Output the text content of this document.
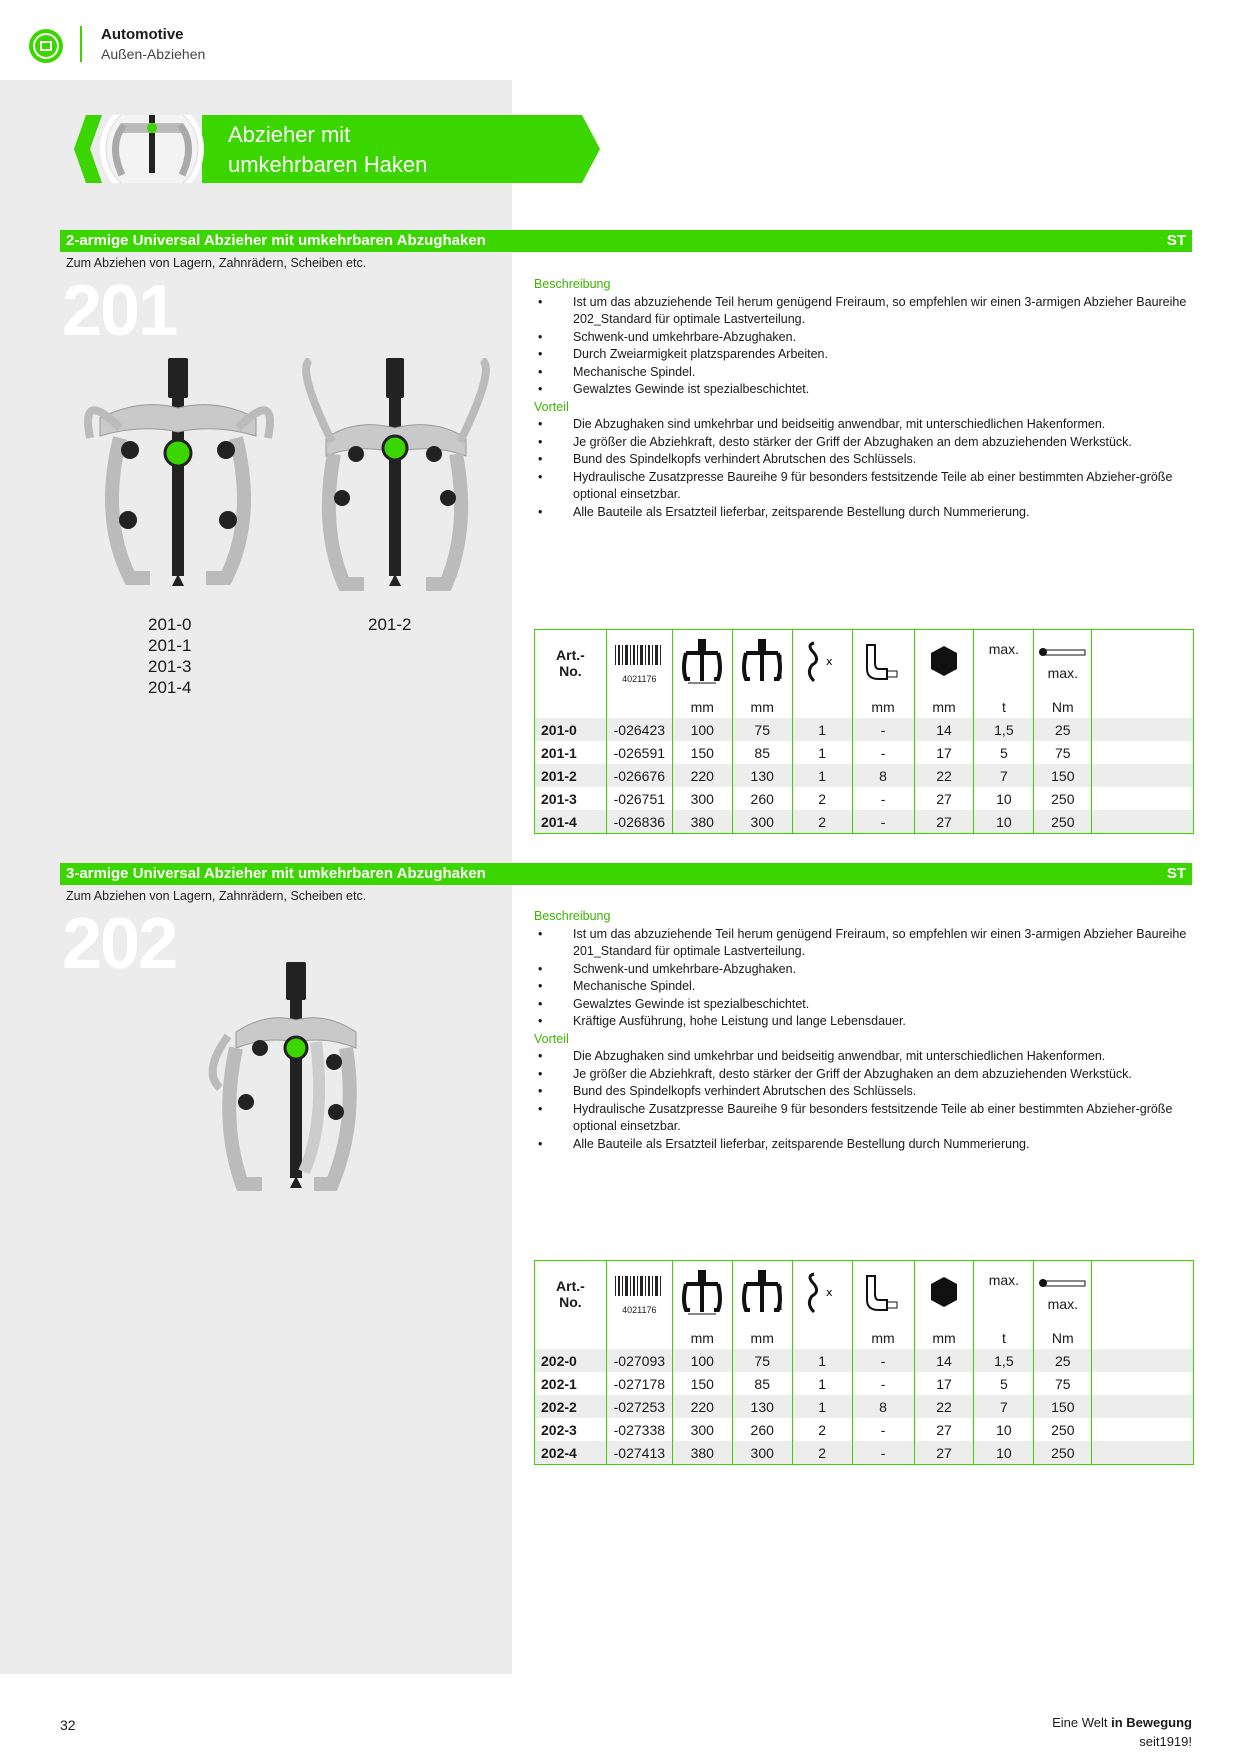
Automotive
Außen-Abziehen
Abzieher mit
umkehrbaren Haken
2-armige Universal Abzieher mit umkehrbaren Abzughaken	ST
Zum Abziehen von Lagern, Zahnrädern, Scheiben etc.
201
201-0
201-1
201-3
201-4
201-2
Beschreibung
• Ist um das abzuziehende Teil herum genügend Freiraum, so empfehlen wir einen 3-armigen Abzieher Baureihe 202_Standard für optimale Lastverteilung.
• Schwenk-und umkehrbare-Abzughaken.
• Durch Zweiarmigkeit platzsparendes Arbeiten.
• Mechanische Spindel.
• Gewalztes Gewinde ist spezialbeschichtet.
Vorteil
• Die Abzughaken sind umkehrbar und beidseitig anwendbar, mit unterschiedlichen Hakenformen.
• Je größer die Abziehkraft, desto stärker der Griff der Abzughaken an dem abzuziehenden Werkstück.
• Bund des Spindelkopfs verhindert Abrutschen des Schlüssels.
• Hydraulische Zusatzpresse Baureihe 9 für besonders festsitzende Teile ab einer bestimmten Abzieher-größe optional einsetzbar.
• Alle Bauteile als Ersatzteil lieferbar, zeitsparende Bestellung durch Nummerierung.
Art.-
No.	4021176			x			max.	max.	

		mm	mm		mm	mm	t	Nm	
201-0	-026423	100	75	1	-	14	1,5	25	
201-1	-026591	150	85	1	-	17	5	75	
201-2	-026676	220	130	1	8	22	7	150	
201-3	-026751	300	260	2	-	27	10	250	
201-4	-026836	380	300	2	-	27	10	250	
3-armige Universal Abzieher mit umkehrbaren Abzughaken	ST
Zum Abziehen von Lagern, Zahnrädern, Scheiben etc.
202	Beschreibung
• Ist um das abzuziehende Teil herum genügend Freiraum, so empfehlen wir einen 3-armigen Abzieher Baureihe 201_Standard für optimale Lastverteilung.
• Schwenk-und umkehrbare-Abzughaken.
• Mechanische Spindel.
• Gewalztes Gewinde ist spezialbeschichtet.
• Kräftige Ausführung, hohe Leistung und lange Lebensdauer.
Vorteil
• Die Abzughaken sind umkehrbar und beidseitig anwendbar, mit unterschiedlichen Hakenformen.
• Je größer die Abziehkraft, desto stärker der Griff der Abzughaken an dem abzuziehenden Werkstück.
• Bund des Spindelkopfs verhindert Abrutschen des Schlüssels.
• Hydraulische Zusatzpresse Baureihe 9 für besonders festsitzende Teile ab einer bestimmten Abzieher-größe optional einsetzbar.
• Alle Bauteile als Ersatzteil lieferbar, zeitsparende Bestellung durch Nummerierung.
Art.-
No.	4021176			x			max.	max.	

		mm	mm		mm	mm	t	Nm	
202-0	-027093	100	75	1	-	14	1,5	25	
202-1	-027178	150	85	1	-	17	5	75	
202-2	-027253	220	130	1	8	22	7	150	
202-3	-027338	300	260	2	-	27	10	250	
202-4	-027413	380	300	2	-	27	10	250	
32	Eine Welt in Bewegung
seit1919!
